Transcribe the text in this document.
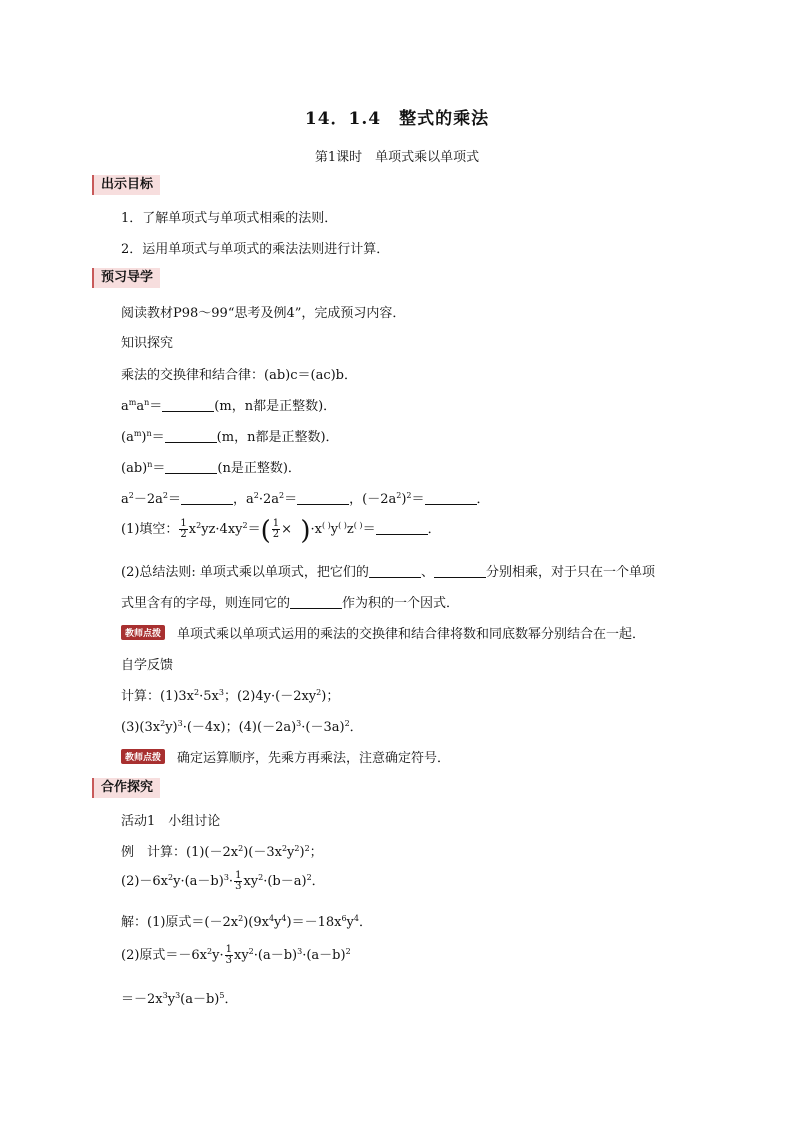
14．1.4　整式的乘法
第1课时　单项式乘以单项式
出示目标
1．了解单项式与单项式相乘的法则．
2．运用单项式与单项式的乘法法则进行计算．
预习导学
阅读教材P98～99“思考及例4”，完成预习内容．
知识探究
乘法的交换律和结合律：(ab)c＝(ac)b．
$a^ma^n=$	(m，n都是正整数)．
$(a^m)^n=$	(m，n都是正整数)．
(ab)$^n$＝	(n是正整数)．
$a^2-2a^2=$	，$a^2\cdot 2a^2=$	，$(-2a^2)^2=$	．
(1)填空： $\frac{1}{2} x^2yz\cdot 4xy^2=( \frac{1}{2} \times )\cdot x^{( )}y^{( )}z^{( )}=$	．
(2)总结法则: 单项式乘以单项式，把它们的	、	分别相乘，对于只在一个单项
式里含有的字母，则连同它的	作为积的一个因式．
教师点拨 单项式乘以单项式运用的乘法的交换律和结合律将数和同底数幂分别结合在一起．
自学反馈
计算：$(1)3x^2\cdot 5x^3$；$(2)4y\cdot(-2xy^2)$；
$(3)(3x^2y)^3\cdot(-4x)$；$(4)(-2a)^3\cdot(-3a)^2$．
教师点拨 确定运算顺序，先乘方再乘法，注意确定符号．
合作探究
活动1　小组讨论
例　计算：$(1)(-2x^2)(-3x^2y^2)^2$；
$(2)-6x^2y\cdot(a-b)^3\cdot \frac{1}{3} xy^2\cdot(b-a)^2$．
解：(1)原式$=(-2x^2)(9x^4y^4)=-18x^6y^4$．
(2)原式$=-6x^2y\cdot \frac{1}{3} xy^2\cdot(a-b)^3\cdot(a-b)^2$
$=-2x^3y^3(a-b)^5$．
